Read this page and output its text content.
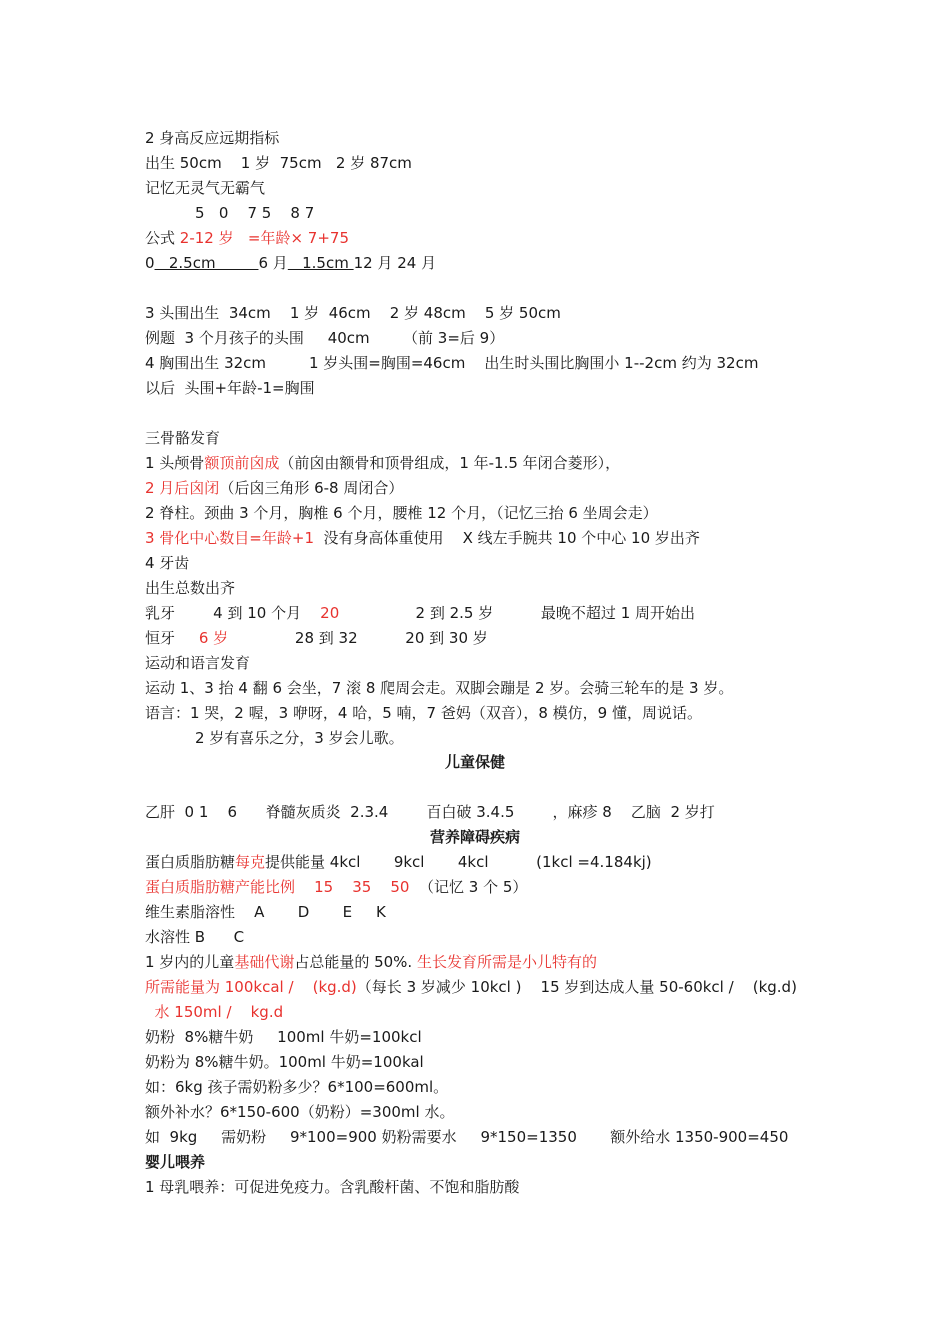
2 身高反应远期指标
出生 50cm    1 岁  75cm   2 岁 87cm
记忆无灵气无霸气
5   0    7 5    8 7
公式 2-12 岁   =年龄× 7+75
0   2.5cm         6 月   1.5cm 12 月 24 月
3 头围出生  34cm    1 岁  46cm    2 岁 48cm    5 岁 50cm
例题  3 个月孩子的头围     40cm       （前 3=后 9）
4 胸围出生 32cm         1 岁头围=胸围=46cm    出生时头围比胸围小 1--2cm 约为 32cm
以后  头围+年龄-1=胸围
三骨骼发育
1 头颅骨额顶前囟成（前囟由额骨和顶骨组成，1 年-1.5 年闭合菱形），
2 月后囟闭（后囟三角形 6-8 周闭合）
2 脊柱。颈曲 3 个月，胸椎 6 个月，腰椎 12 个月，（记忆三抬 6 坐周会走）
3 骨化中心数目=年龄+1  没有身高体重使用    X 线左手腕共 10 个中心 10 岁出齐
4 牙齿
出生总数出齐
乳牙        4 到 10 个月    20                2 到 2.5 岁          最晚不超过 1 周开始出
恒牙     6 岁              28 到 32          20 到 30 岁
运动和语言发育
运动 1、3 抬 4 翻 6 会坐，7 滚 8 爬周会走。双脚会蹦是 2 岁。会骑三轮车的是 3 岁。
语言：1 哭，2 喔，3 咿呀，4 哈，5 喃，7 爸妈（双音），8 模仿，9 懂，周说话。
2 岁有喜乐之分，3 岁会儿歌。
儿童保健
乙肝  0 1    6      脊髓灰质炎  2.3.4        百白破 3.4.5        ，麻疹 8    乙脑  2 岁打
营养障碍疾病
蛋白质脂肪糖每克提供能量 4kcl       9kcl       4kcl          (1kcl =4.184kj)
蛋白质脂肪糖产能比例    15    35    50  （记忆 3 个 5）
维生素脂溶性    A       D       E     K
水溶性 B      C
1 岁内的儿童基础代谢占总能量的 50%. 生长发育所需是小儿特有的
所需能量为 100kcal /    (kg.d)（每长 3 岁减少 10kcl )    15 岁到达成人量 50-60kcl /    (kg.d)
水 150ml /    kg.d
奶粉  8%糖牛奶     100ml 牛奶=100kcl
奶粉为 8%糖牛奶。100ml 牛奶=100kal
如：6kg 孩子需奶粉多少？6*100=600ml。
额外补水？6*150-600（奶粉）=300ml 水。
如  9kg     需奶粉     9*100=900 奶粉需要水     9*150=1350       额外给水 1350-900=450
婴儿喂养
1 母乳喂养：可促进免疫力。含乳酸杆菌、不饱和脂肪酸
